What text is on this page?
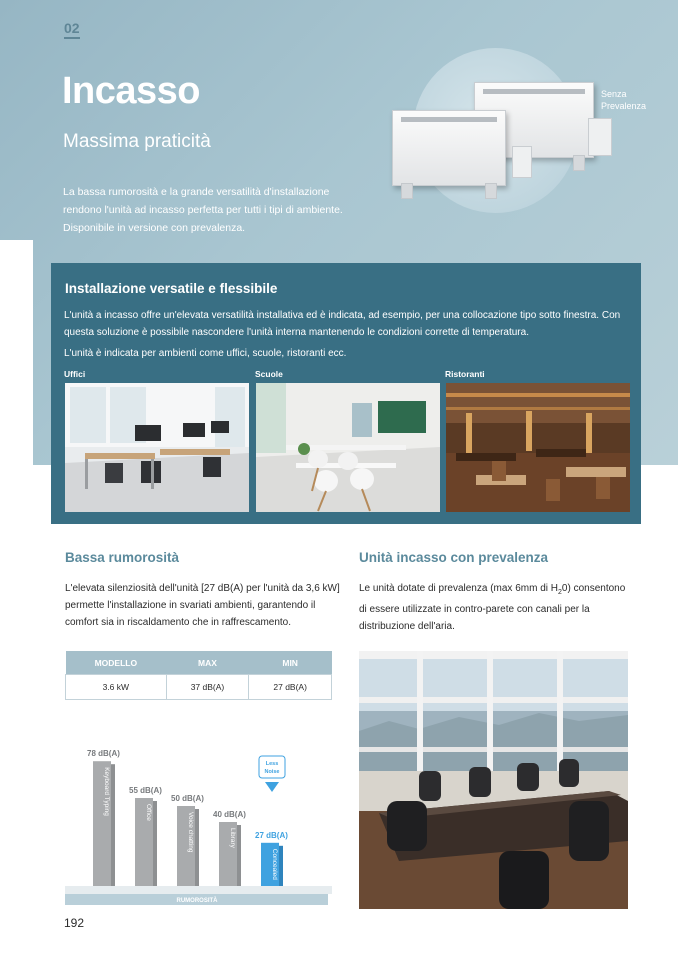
02
Incasso
Massima praticità
La bassa rumorosità e la grande versatilità d'installazione rendono l'unità ad incasso perfetta per tutti i tipi di ambiente. Disponibile in versione con prevalenza.
Senza
Prevalenza
Installazione versatile e flessibile
L'unità a incasso offre un'elevata versatilità installativa ed è indicata, ad esempio, per una collocazione tipo sotto finestra. Con questa soluzione è possibile nascondere l'unità interna mantenendo le condizioni corrette di temperatura.
L'unità è indicata per ambienti come uffici, scuole, ristoranti ecc.
Uffici	Scuole	Ristoranti
Bassa rumorosità
L'elevata silenziosità dell'unità [27 dB(A) per l'unità da 3,6 kW] permette l'installazione in svariati ambienti, garantendo il comfort sia in riscaldamento che in raffrescamento.
MODELLO	MAX	MIN
3.6 kW	37 dB(A)	27 dB(A)
78 dB(A)
Keyboard Typing 55 dB(A)
Office
50 dB(A)
Voice chatting 40 dB(A)
Library 27 dB(A)
Concealed
Less
Noise
RUMOROSITÀ
Unità incasso con prevalenza
Le unità dotate di prevalenza (max 6mm di $H_20$) consentono di essere utilizzate in contro-parete con canali per la distribuzione dell'aria.
192
